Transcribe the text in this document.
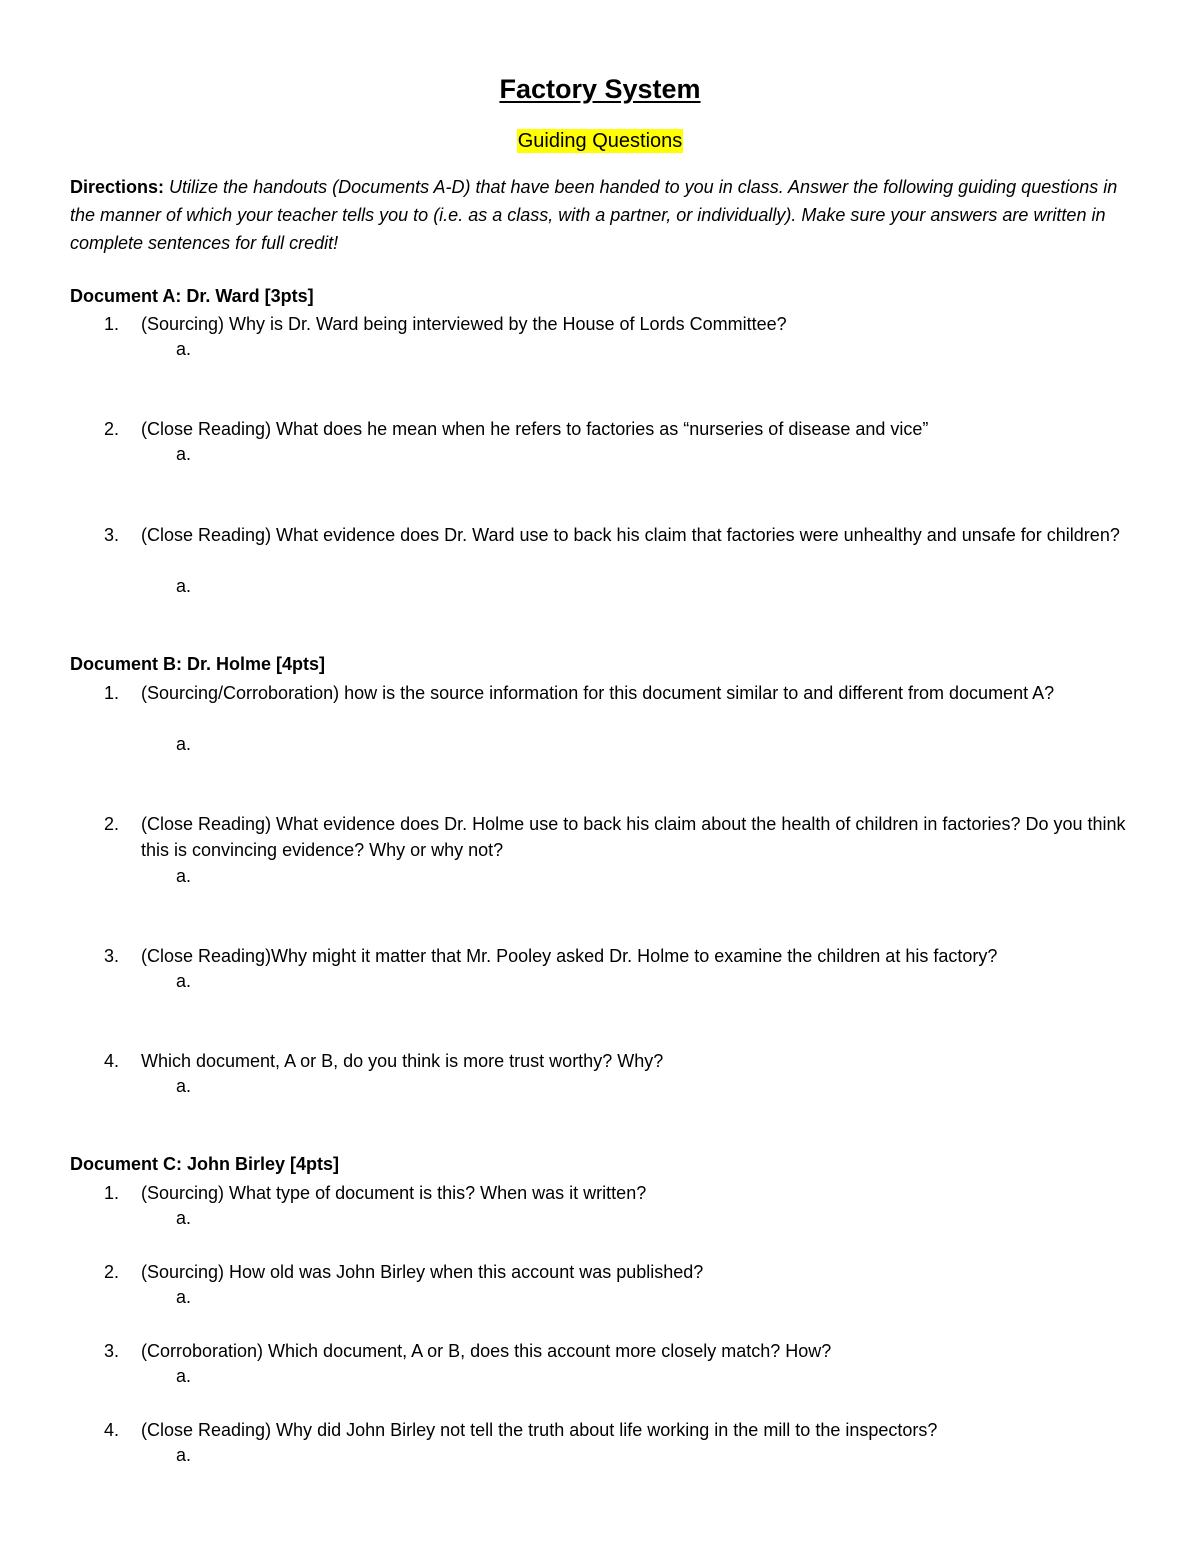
Factory System
Guiding Questions
Directions: Utilize the handouts (Documents A-D) that have been handed to you in class. Answer the following guiding questions in the manner of which your teacher tells you to (i.e. as a class, with a partner, or individually). Make sure your answers are written in complete sentences for full credit!
Document A: Dr. Ward [3pts]
1. (Sourcing) Why is Dr. Ward being interviewed by the House of Lords Committee?
a.
2. (Close Reading) What does he mean when he refers to factories as “nurseries of disease and vice”
a.
3. (Close Reading) What evidence does Dr. Ward use to back his claim that factories were unhealthy and unsafe for children?
a.
Document B: Dr. Holme [4pts]
1. (Sourcing/Corroboration) how is the source information for this document similar to and different from document A?
a.
2. (Close Reading) What evidence does Dr. Holme use to back his claim about the health of children in factories? Do you think this is convincing evidence? Why or why not?
a.
3. (Close Reading)Why might it matter that Mr. Pooley asked Dr. Holme to examine the children at his factory?
a.
4. Which document, A or B, do you think is more trust worthy? Why?
a.
Document C: John Birley [4pts]
1. (Sourcing) What type of document is this? When was it written?
a.
2. (Sourcing) How old was John Birley when this account was published?
a.
3. (Corroboration) Which document, A or B, does this account more closely match? How?
a.
4. (Close Reading) Why did John Birley not tell the truth about life working in the mill to the inspectors?
a.
